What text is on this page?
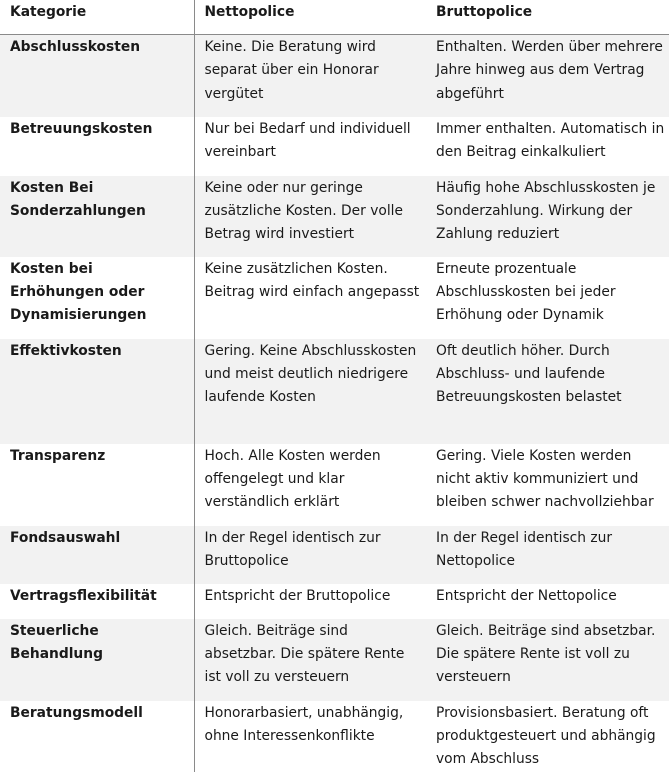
Kategorie	Nettopolice	Bruttopolice
Abschlusskosten	Keine. Die Beratung wird separat über ein Honorar vergütet	Enthalten. Werden über mehrere Jahre hinweg aus dem Vertrag abgeführt
Betreuungskosten	Nur bei Bedarf und individuell vereinbart	Immer enthalten. Automatisch in den Beitrag einkalkuliert
Kosten Bei Sonderzahlungen	Keine oder nur geringe zusätzliche Kosten. Der volle Betrag wird investiert	Häufig hohe Abschlusskosten je Sonderzahlung. Wirkung der Zahlung reduziert
Kosten bei Erhöhungen oder Dynamisierungen	Keine zusätzlichen Kosten. Beitrag wird einfach angepasst	Erneute prozentuale Abschlusskosten bei jeder Erhöhung oder Dynamik
Effektivkosten	Gering. Keine Abschlusskosten und meist deutlich niedrigere laufende Kosten	Oft deutlich höher. Durch Abschluss- und laufende Betreuungskosten belastet
Transparenz	Hoch. Alle Kosten werden offengelegt und klar verständlich erklärt	Gering. Viele Kosten werden nicht aktiv kommuniziert und bleiben schwer nachvollziehbar
Fondsauswahl	In der Regel identisch zur Bruttopolice	In der Regel identisch zur Nettopolice
Vertragsflexibilität	Entspricht der Bruttopolice	Entspricht der Nettopolice
Steuerliche Behandlung	Gleich. Beiträge sind absetzbar. Die spätere Rente ist voll zu versteuern	Gleich. Beiträge sind absetzbar. Die spätere Rente ist voll zu versteuern
Beratungsmodell	Honorarbasiert, unabhängig, ohne Interessenkonflikte	Provisionsbasiert. Beratung oft produktgesteuert und abhängig vom Abschluss
